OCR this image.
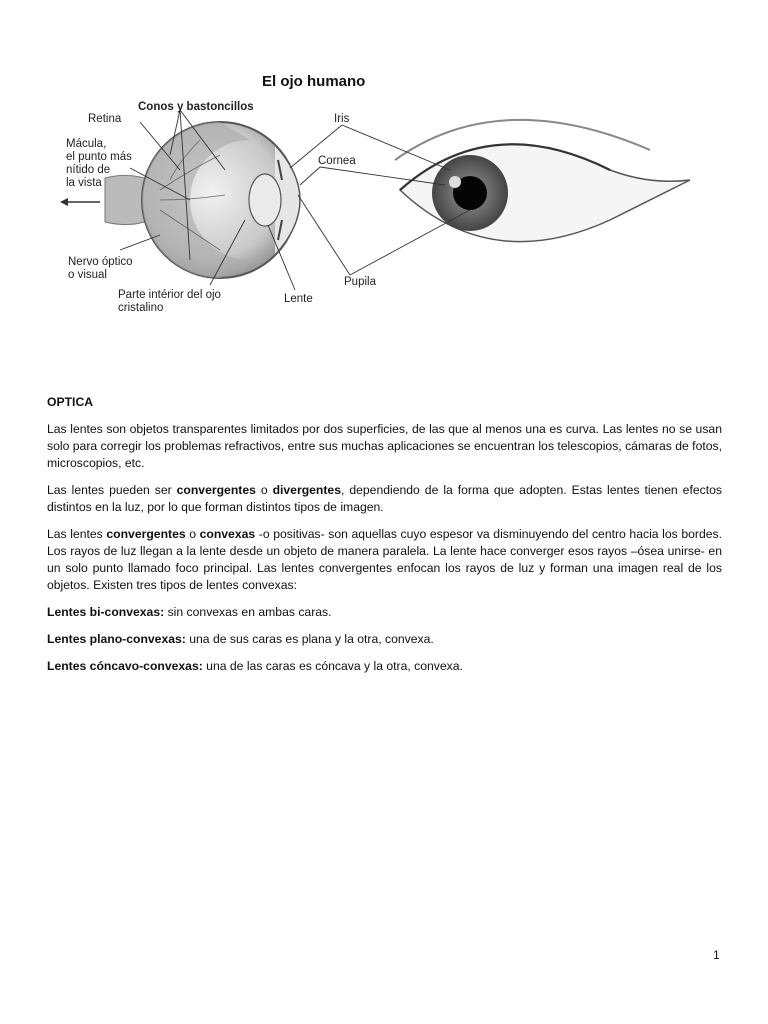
El ojo humano
Retina
Conos y bastoncillos
Mácula,
el punto más
nítido de
la vista
Nervo óptico
o visual
Parte intérior del ojo
cristalino
Lente
Iris
Cornea
Pupila

OPTICA

Las lentes son objetos transparentes limitados por dos superficies, de las que al menos una es curva. Las lentes no se usan solo para corregir los problemas refractivos, entre sus muchas aplicaciones se encuentran los telescopios, cámaras de fotos, microscopios, etc.

Las lentes pueden ser convergentes o divergentes, dependiendo de la forma que adopten. Estas lentes tienen efectos distintos en la luz, por lo que forman distintos tipos de imagen.

Las lentes convergentes o convexas -o positivas- son aquellas cuyo espesor va disminuyendo del centro hacia los bordes. Los rayos de luz llegan a la lente desde un objeto de manera paralela. La lente hace converger esos rayos –ósea unirse- en un solo punto llamado foco principal. Las lentes convergentes enfocan los rayos de luz y forman una imagen real de los objetos. Existen tres tipos de lentes convexas:

Lentes bi-convexas: sin convexas en ambas caras.

Lentes plano-convexas: una de sus caras es plana y la otra, convexa.

Lentes cóncavo-convexas: una de las caras es cóncava y la otra, convexa.

1
